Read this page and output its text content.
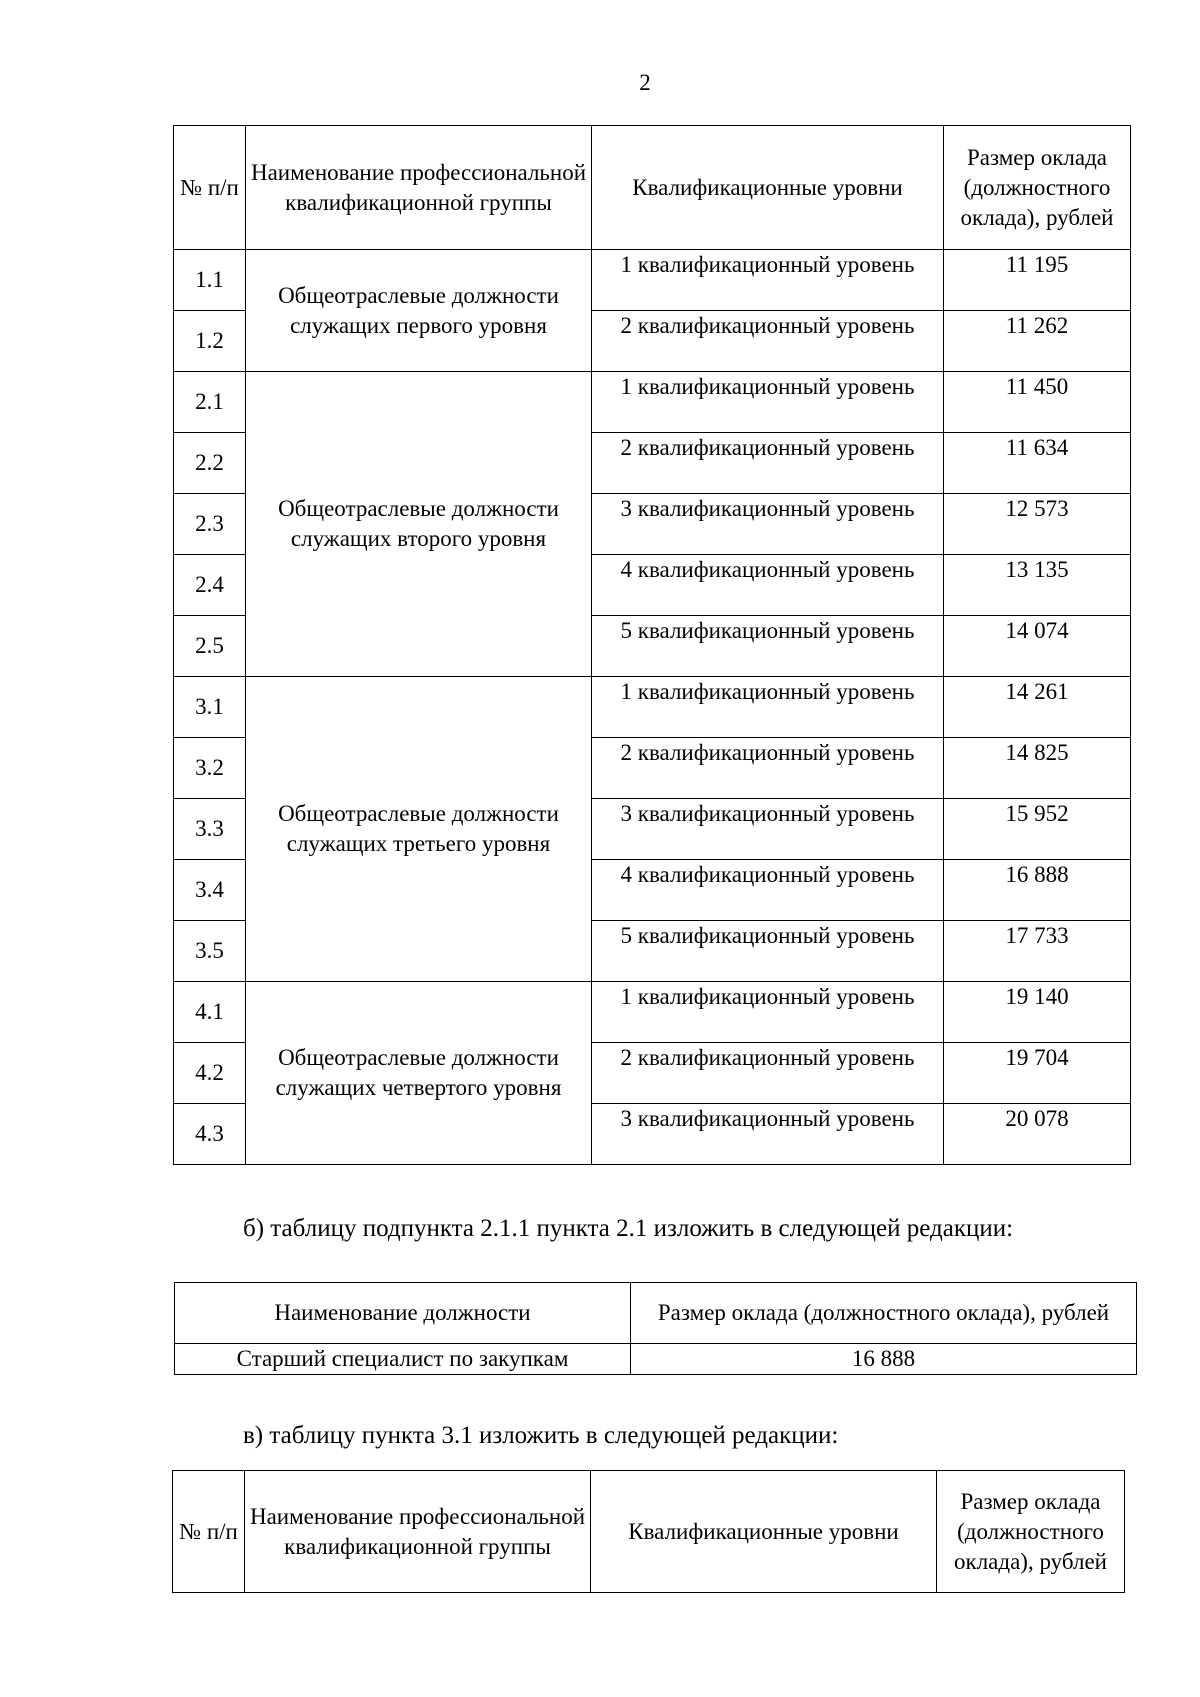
2
№ п/п	Наименование профессиональной квалификационной группы	Квалификационные уровни	Размер оклада (должностного оклада), рублей
1.1	Общеотраслевые должности служащих первого уровня	1 квалификационный уровень	11 195
1.2		2 квалификационный уровень	11 262
2.1	Общеотраслевые должности служащих второго уровня	1 квалификационный уровень	11 450
2.2		2 квалификационный уровень	11 634
2.3		3 квалификационный уровень	12 573
2.4		4 квалификационный уровень	13 135
2.5		5 квалификационный уровень	14 074
3.1	Общеотраслевые должности служащих третьего уровня	1 квалификационный уровень	14 261
3.2		2 квалификационный уровень	14 825
3.3		3 квалификационный уровень	15 952
3.4		4 квалификационный уровень	16 888
3.5		5 квалификационный уровень	17 733
4.1	Общеотраслевые должности служащих четвертого уровня	1 квалификационный уровень	19 140
4.2		2 квалификационный уровень	19 704
4.3		3 квалификационный уровень	20 078
б) таблицу подпункта 2.1.1 пункта 2.1 изложить в следующей редакции:
Наименование должности	Размер оклада (должностного оклада), рублей
Старший специалист по закупкам	16 888
в) таблицу пункта 3.1 изложить в следующей редакции:
№ п/п	Наименование профессиональной квалификационной группы	Квалификационные уровни	Размер оклада (должностного оклада), рублей
